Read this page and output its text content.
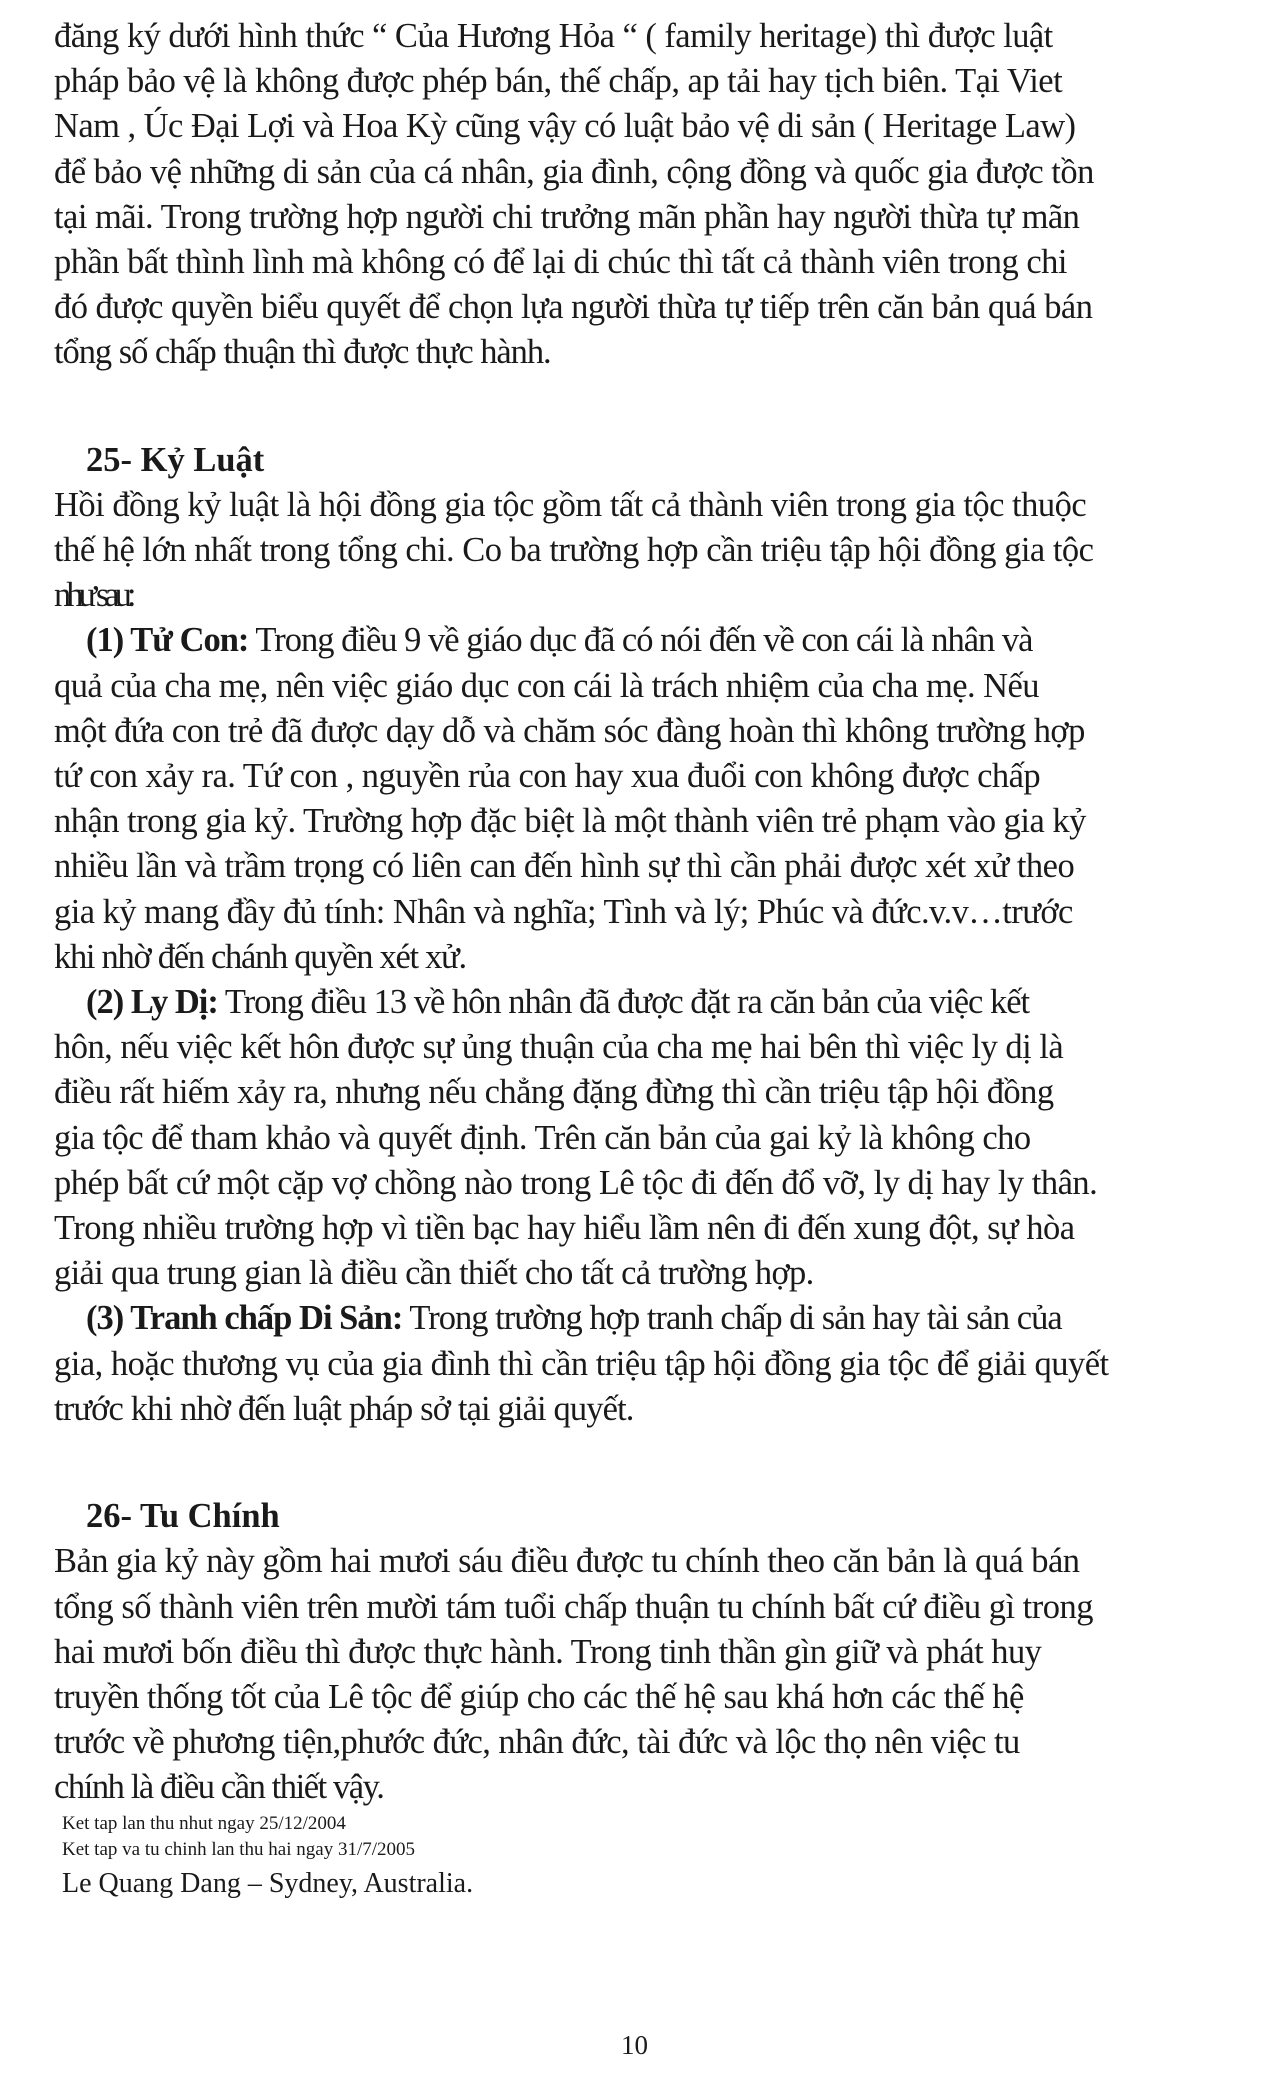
đăng ký dưới hình thức “ Của Hương Hỏa “ ( family heritage) thì được luật
pháp bảo vệ là không được phép bán, thế chấp, ap tải hay tịch biên. Tại Viet
Nam , Úc Đại Lợi và Hoa Kỳ cũng vậy có luật bảo vệ di sản ( Heritage Law)
để bảo vệ những di sản của cá nhân, gia đình, cộng đồng và quốc gia được tồn
tại mãi. Trong trường hợp người chi trưởng mãn phần hay người thừa tự mãn
phần bất thình lình mà không có để lại di chúc thì tất cả thành viên trong chi
đó được quyền biểu quyết để chọn lựa người thừa tự tiếp trên căn bản quá bán
tổng số chấp thuận thì được thực hành.
25- Kỷ Luật
Hồi đồng kỷ luật là hội đồng gia tộc gồm tất cả thành viên trong gia tộc thuộc
thế hệ lớn nhất trong tổng chi. Co ba trường hợp cần triệu tập hội đồng gia tộc
như sau:
(1) Tử Con: Trong điều 9 về giáo dục đã có nói đến về con cái là nhân và
quả của cha mẹ, nên việc giáo dục con cái là trách nhiệm của cha mẹ. Nếu
một đứa con trẻ đã được dạy dỗ và chăm sóc đàng hoàn thì không trường hợp
tứ con xảy ra. Tứ con , nguyền rủa con hay xua đuổi con không được chấp
nhận trong gia kỷ. Trường hợp đặc biệt là một thành viên trẻ phạm vào gia kỷ
nhiều lần và trầm trọng có liên can đến hình sự thì cần phải được xét xử theo
gia kỷ mang đầy đủ tính: Nhân và nghĩa; Tình và lý; Phúc và đức.v.v…trước
khi nhờ đến chánh quyền xét xử.
(2) Ly Dị: Trong điều 13 về hôn nhân đã được đặt ra căn bản của việc kết
hôn, nếu việc kết hôn được sự ủng thuận của cha mẹ hai bên thì việc ly dị là
điều rất hiếm xảy ra, nhưng nếu chẳng đặng đừng thì cần triệu tập hội đồng
gia tộc để tham khảo và quyết định. Trên căn bản của gai kỷ là không cho
phép bất cứ một cặp vợ chồng nào trong Lê tộc đi đến đổ vỡ, ly dị hay ly thân.
Trong nhiều trường hợp vì tiền bạc hay hiểu lầm nên đi đến xung đột, sự hòa
giải qua trung gian là điều cần thiết cho tất cả trường hợp.
(3) Tranh chấp Di Sản: Trong trường hợp tranh chấp di sản hay tài sản của
gia, hoặc thương vụ của gia đình thì cần triệu tập hội đồng gia tộc để giải quyết
trước khi nhờ đến luật pháp sở tại giải quyết.
26- Tu Chính
Bản gia kỷ này gồm hai mươi sáu điều được tu chính theo căn bản là quá bán
tổng số thành viên trên mười tám tuổi chấp thuận tu chính bất cứ điều gì trong
hai mươi bốn điều thì được thực hành. Trong tinh thần gìn giữ và phát huy
truyền thống tốt của Lê tộc để giúp cho các thế hệ sau khá hơn các thế hệ
trước về phương tiện,phước đức, nhân đức, tài đức và lộc thọ nên việc tu
chính là điều cần thiết vậy.

Ket tap lan thu nhut ngay 25/12/2004

Ket tap va tu chinh lan thu hai ngay 31/7/2005

Le Quang Dang – Sydney, Australia.

10
